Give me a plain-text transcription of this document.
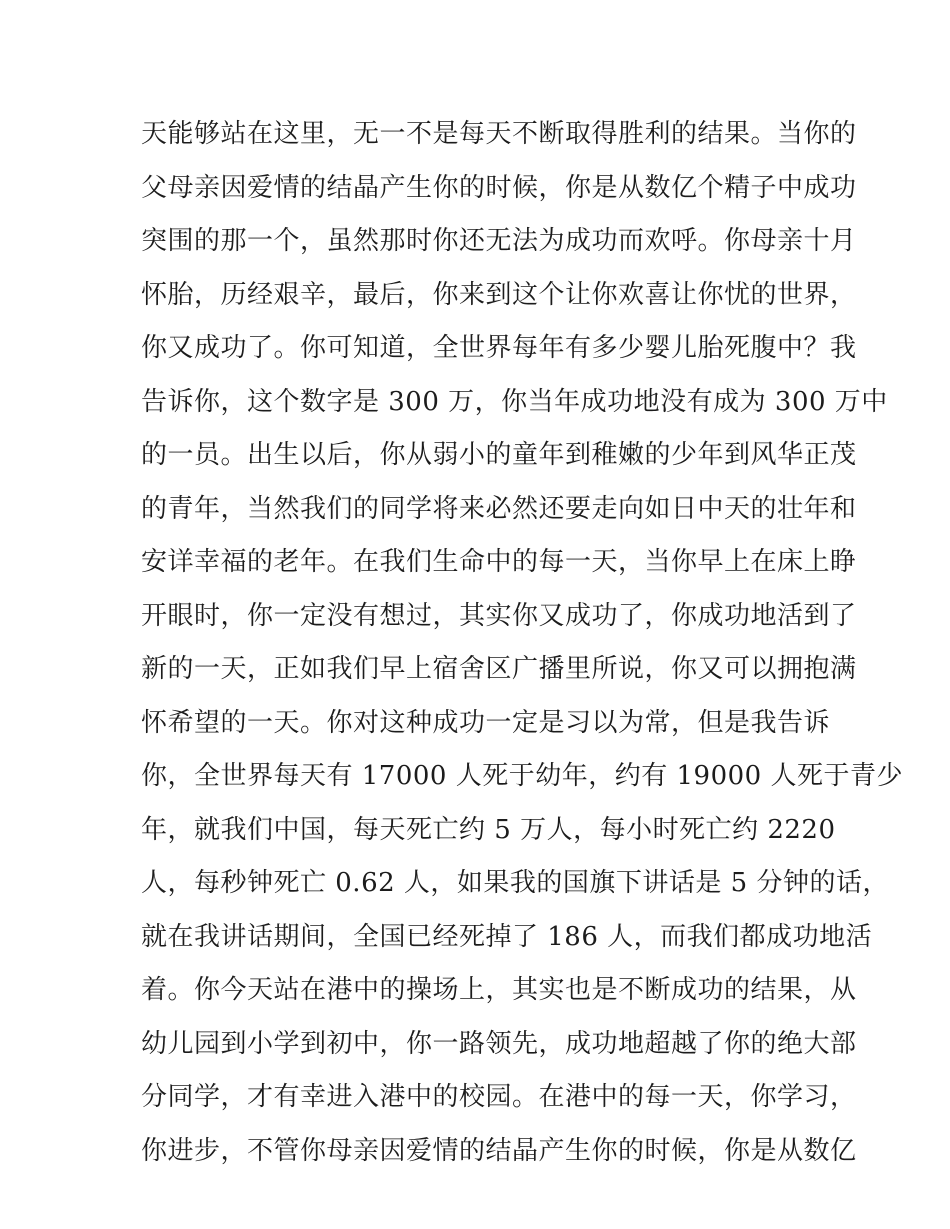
天能够站在这里，无一不是每天不断取得胜利的结果。当你的
父母亲因爱情的结晶产生你的时候，你是从数亿个精子中成功
突围的那一个，虽然那时你还无法为成功而欢呼。你母亲十月
怀胎，历经艰辛，最后，你来到这个让你欢喜让你忧的世界，
你又成功了。你可知道，全世界每年有多少婴儿胎死腹中？我
告诉你，这个数字是 300 万，你当年成功地没有成为 300 万中
的一员。出生以后，你从弱小的童年到稚嫩的少年到风华正茂
的青年，当然我们的同学将来必然还要走向如日中天的壮年和
安详幸福的老年。在我们生命中的每一天，当你早上在床上睁
开眼时，你一定没有想过，其实你又成功了，你成功地活到了
新的一天，正如我们早上宿舍区广播里所说，你又可以拥抱满
怀希望的一天。你对这种成功一定是习以为常，但是我告诉
你，全世界每天有 17000 人死于幼年，约有 19000 人死于青少
年，就我们中国，每天死亡约 5 万人，每小时死亡约 2220
人，每秒钟死亡 0.62 人，如果我的国旗下讲话是 5 分钟的话，
就在我讲话期间，全国已经死掉了 186 人，而我们都成功地活
着。你今天站在港中的操场上，其实也是不断成功的结果，从
幼儿园到小学到初中，你一路领先，成功地超越了你的绝大部
分同学，才有幸进入港中的校园。在港中的每一天，你学习，
你进步，不管你母亲因爱情的结晶产生你的时候，你是从数亿
